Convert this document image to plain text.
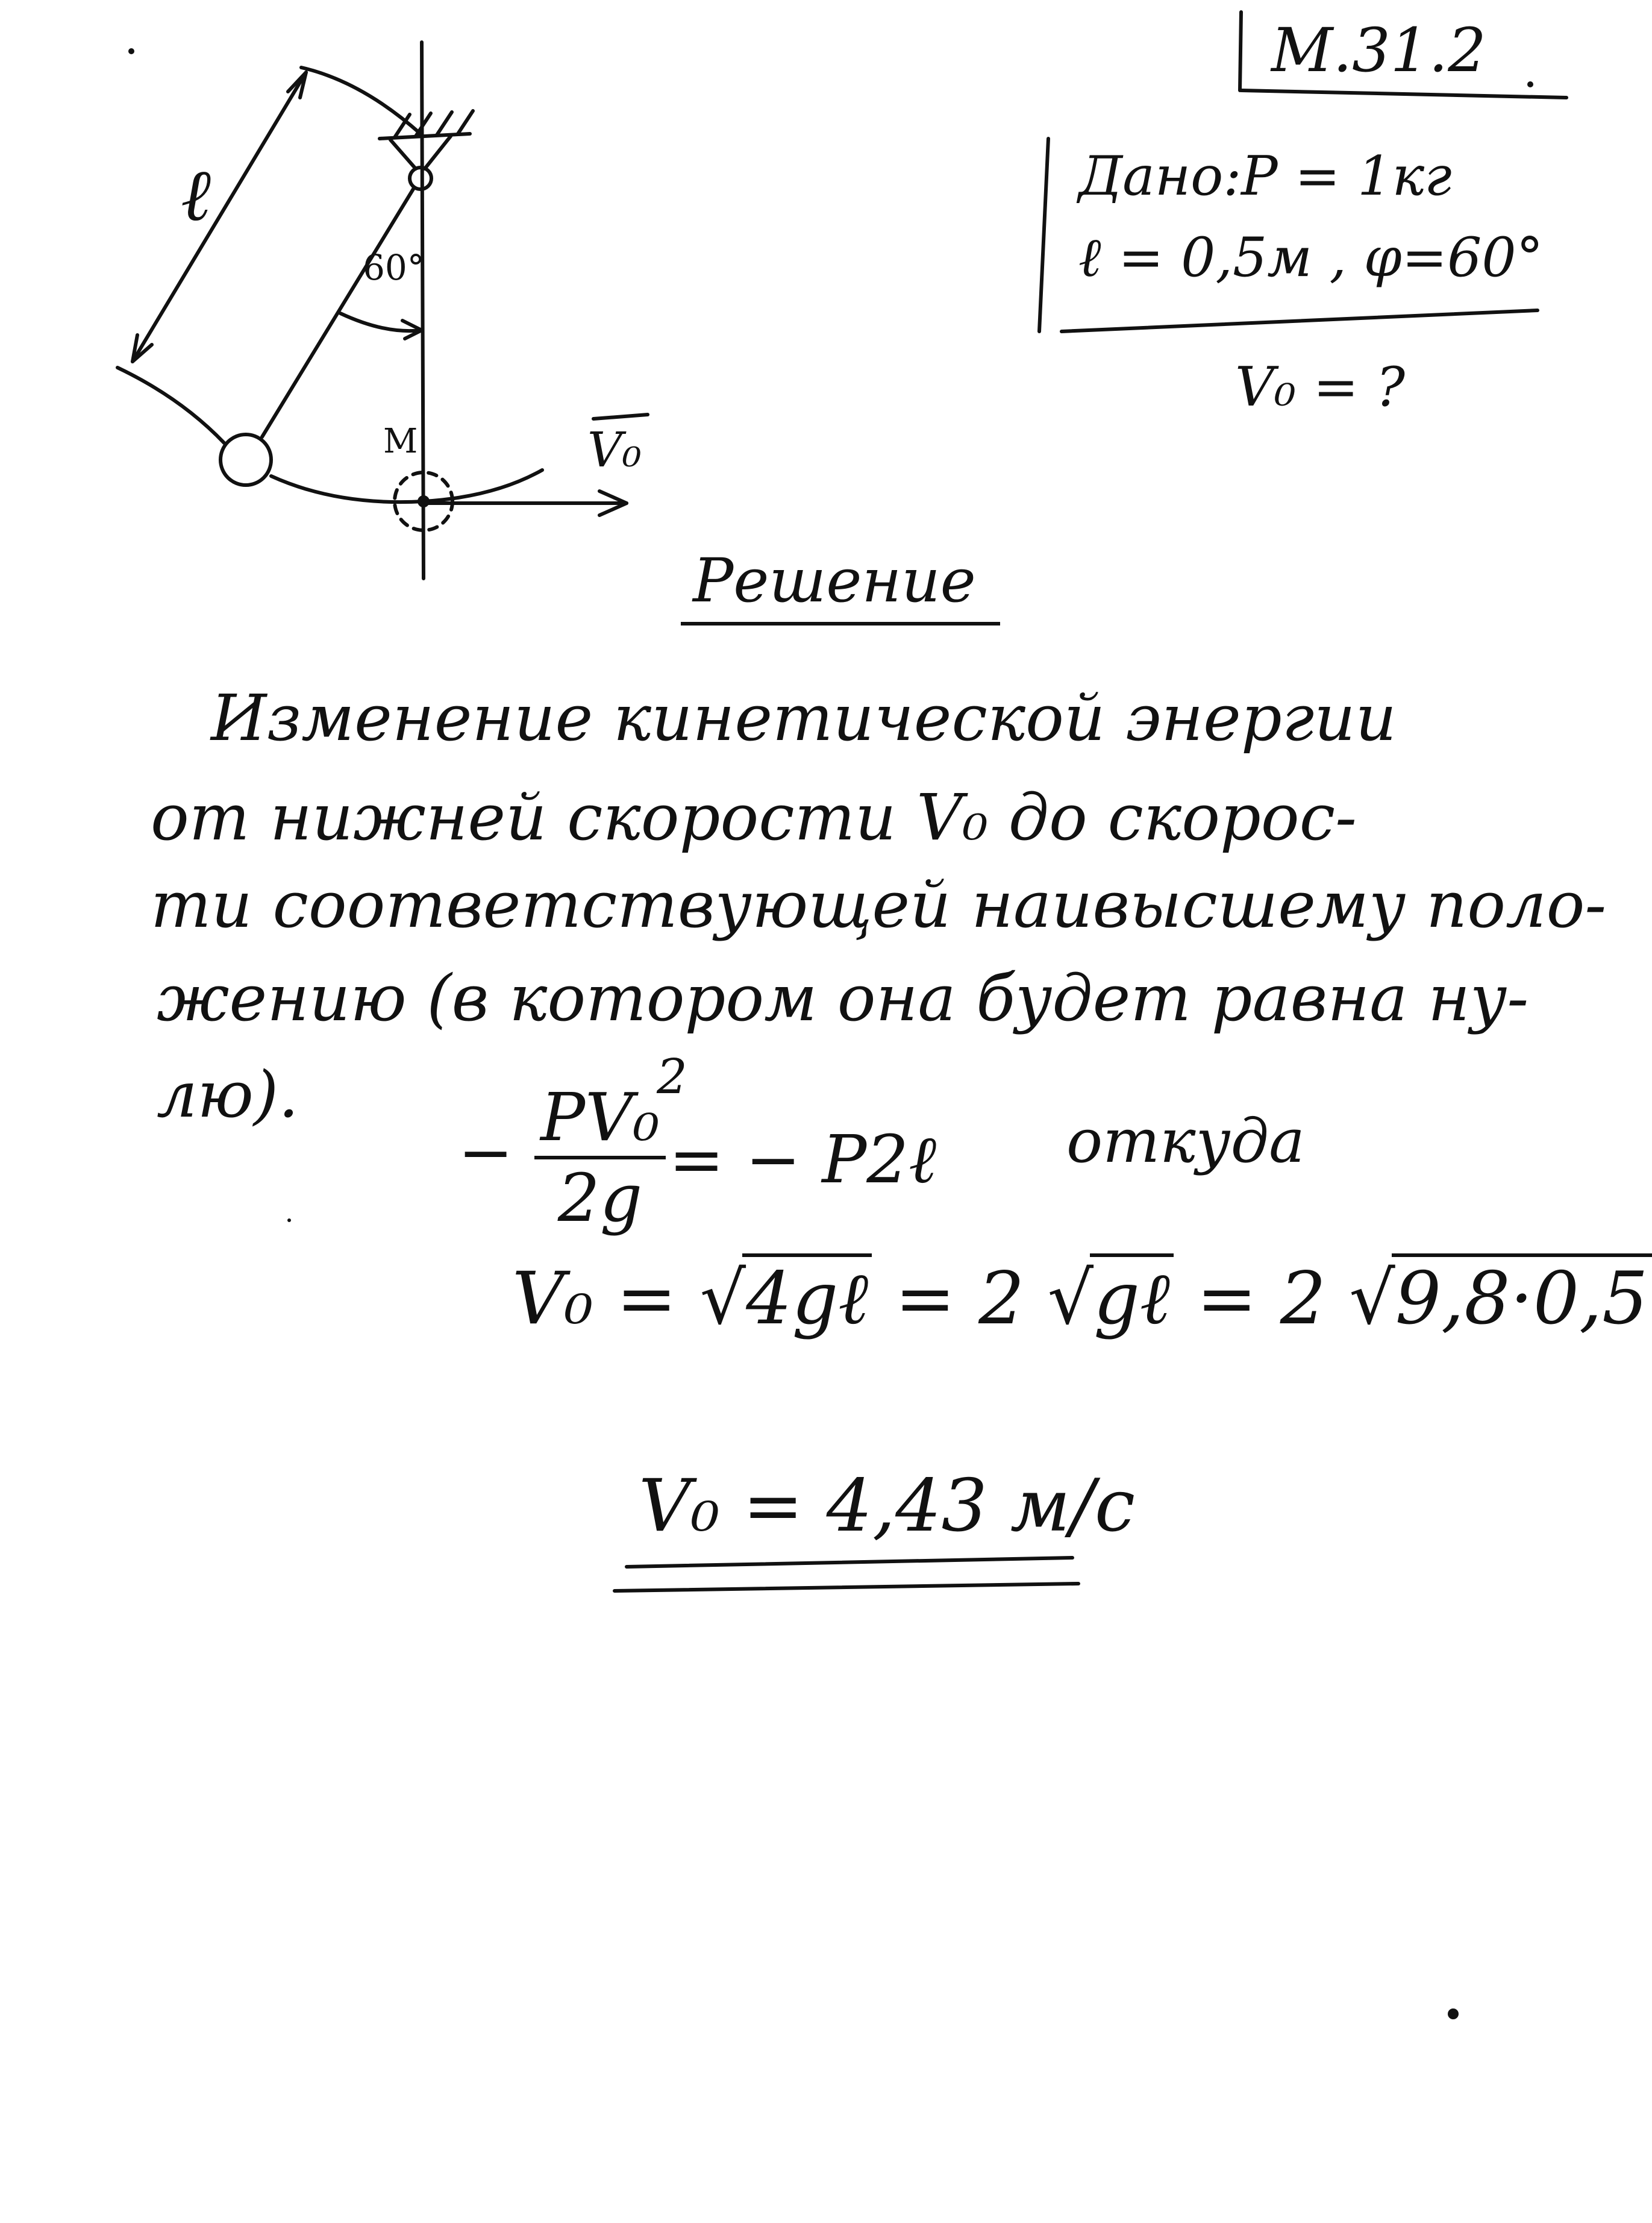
ℓ
60°
M	V₀
М.31.2
Дано: P = 1кг
ℓ = 0,5м , φ=60°
V₀ = ?
Решение
Изменение кинетической энергии
от нижней скорости V₀ до скорос-
ти соответствующей наивысшему поло-
жению (в котором она будет равна ну-
лю).
− $\frac{\text{PV₀}}{2g}$
2
= − P2ℓ откуда
V₀ = √4gℓ = 2 √gℓ = 2 √9,8·0,5
V₀ = 4,43 м/с
